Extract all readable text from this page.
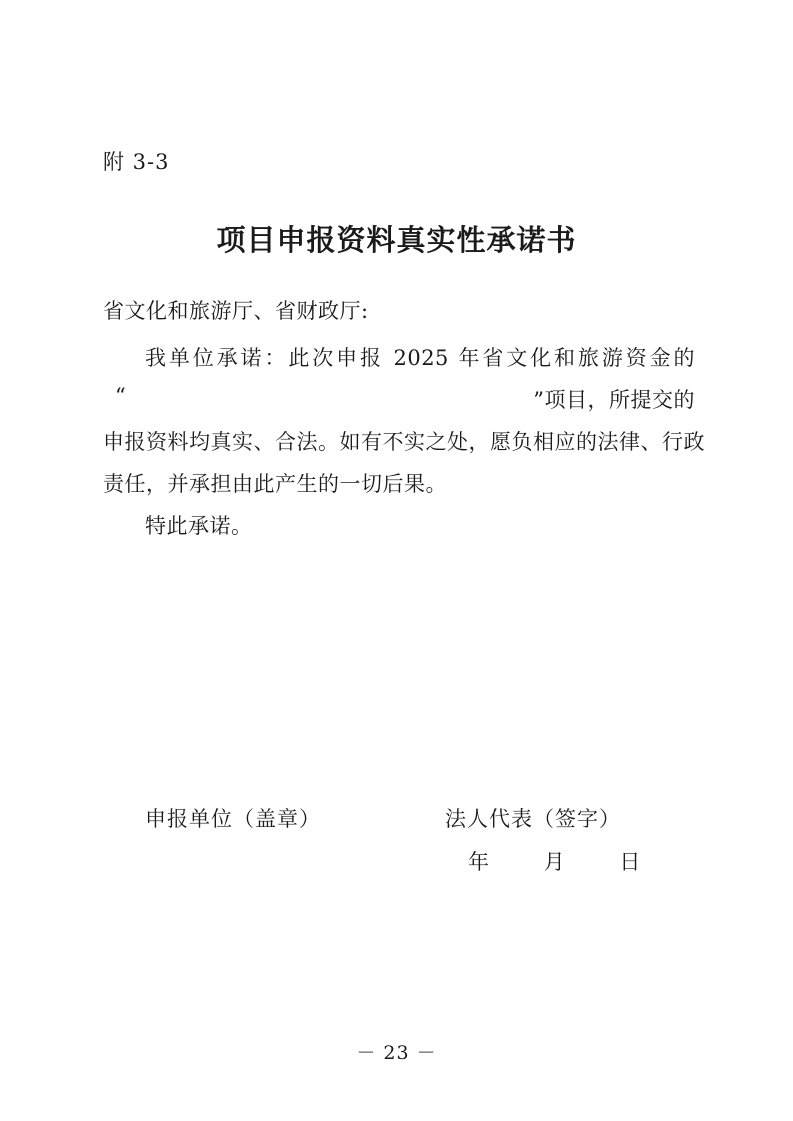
附 3-3
项目申报资料真实性承诺书
省文化和旅游厅、省财政厅:
我单位承诺：此次申报 2025 年省文化和旅游资金的
“	”项目，所提交的
申报资料均真实、合法。如有不实之处，愿负相应的法律、行政
责任，并承担由此产生的一切后果。
特此承诺。
申报单位（盖章）	法人代表（签字）
年	月	日
－ 23 －
